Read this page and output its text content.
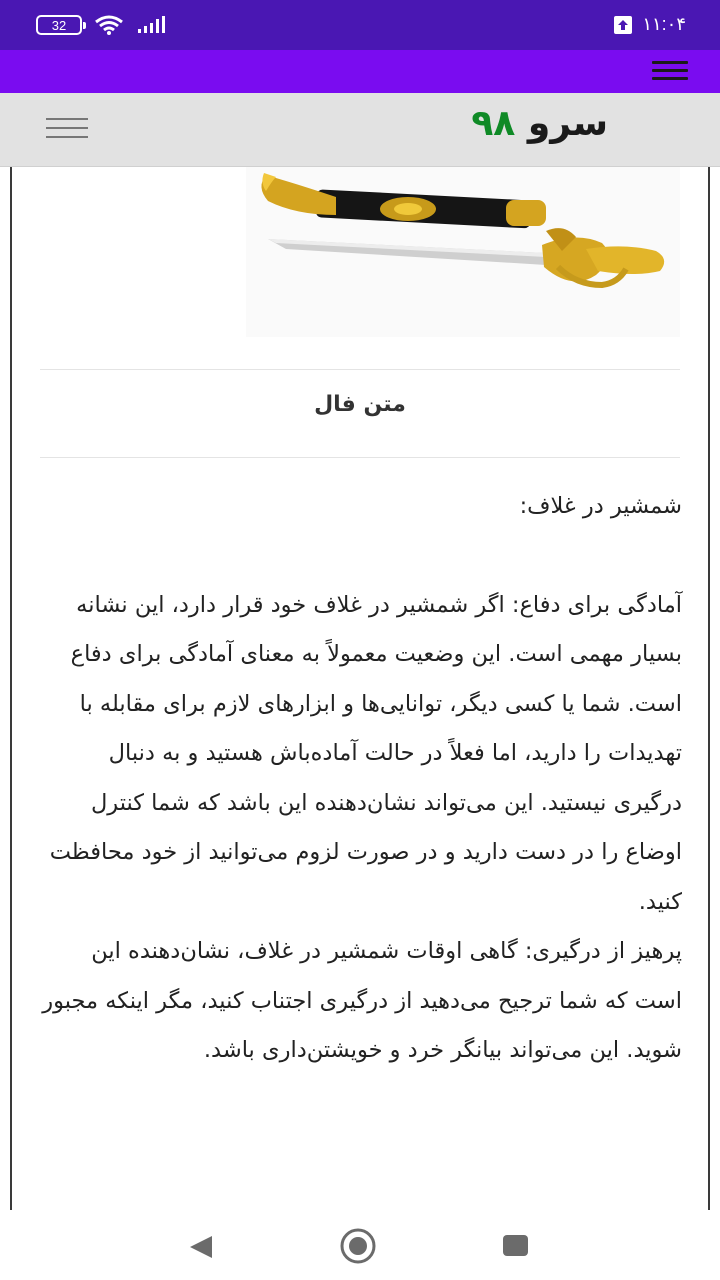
32	۱۱:۰۴
سرو ۹۸
متن فال

شمشیر در غلاف:

آمادگی برای دفاع: اگر شمشیر در غلاف خود قرار دارد، این نشانه بسیار مهمی است. این وضعیت معمولاً به معنای آمادگی برای دفاع است. شما یا کسی دیگر، توانایی‌ها و ابزارهای لازم برای مقابله با تهدیدات را دارید، اما فعلاً در حالت آماده‌باش هستید و به دنبال درگیری نیستید. این می‌تواند نشان‌دهنده این باشد که شما کنترل اوضاع را در دست دارید و در صورت لزوم می‌توانید از خود محافظت کنید.

پرهیز از درگیری: گاهی اوقات شمشیر در غلاف، نشان‌دهنده این است که شما ترجیح می‌دهید از درگیری اجتناب کنید، مگر اینکه مجبور شوید. این می‌تواند بیانگر خرد و خویشتن‌داری باشد.
